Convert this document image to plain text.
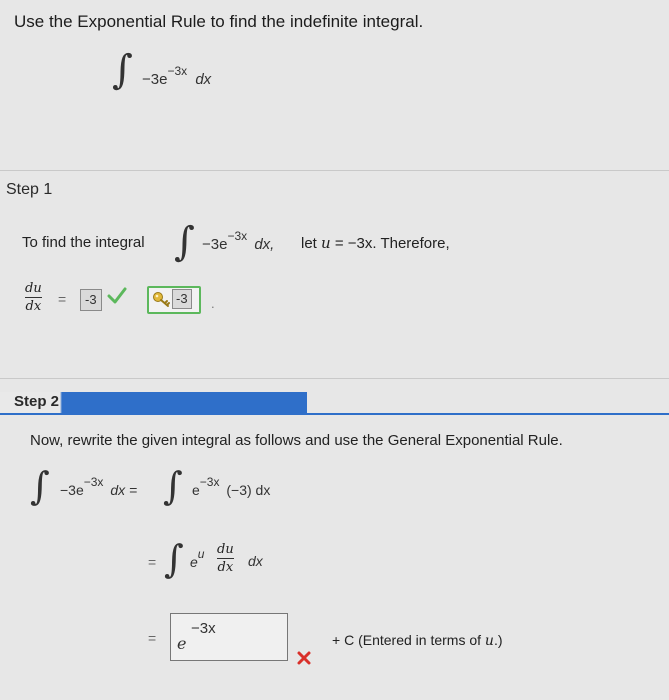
Use the Exponential Rule to find the indefinite integral.
∫ $-3e^{-3x}$ dx
Step 1
To find the integral ∫ $-3e^{-3x}$ dx, let u = −3x. Therefore,
$\frac{du}{dx}$ =	-3	-3	.
Step 2
Now, rewrite the given integral as follows and use the General Exponential Rule.
∫ −3e−3x dx = ∫ e−3x (−3) dx
= ∫ eu $\frac{du}{dx}$ dx
= e
−3x
+ C (Entered in terms of u.)
